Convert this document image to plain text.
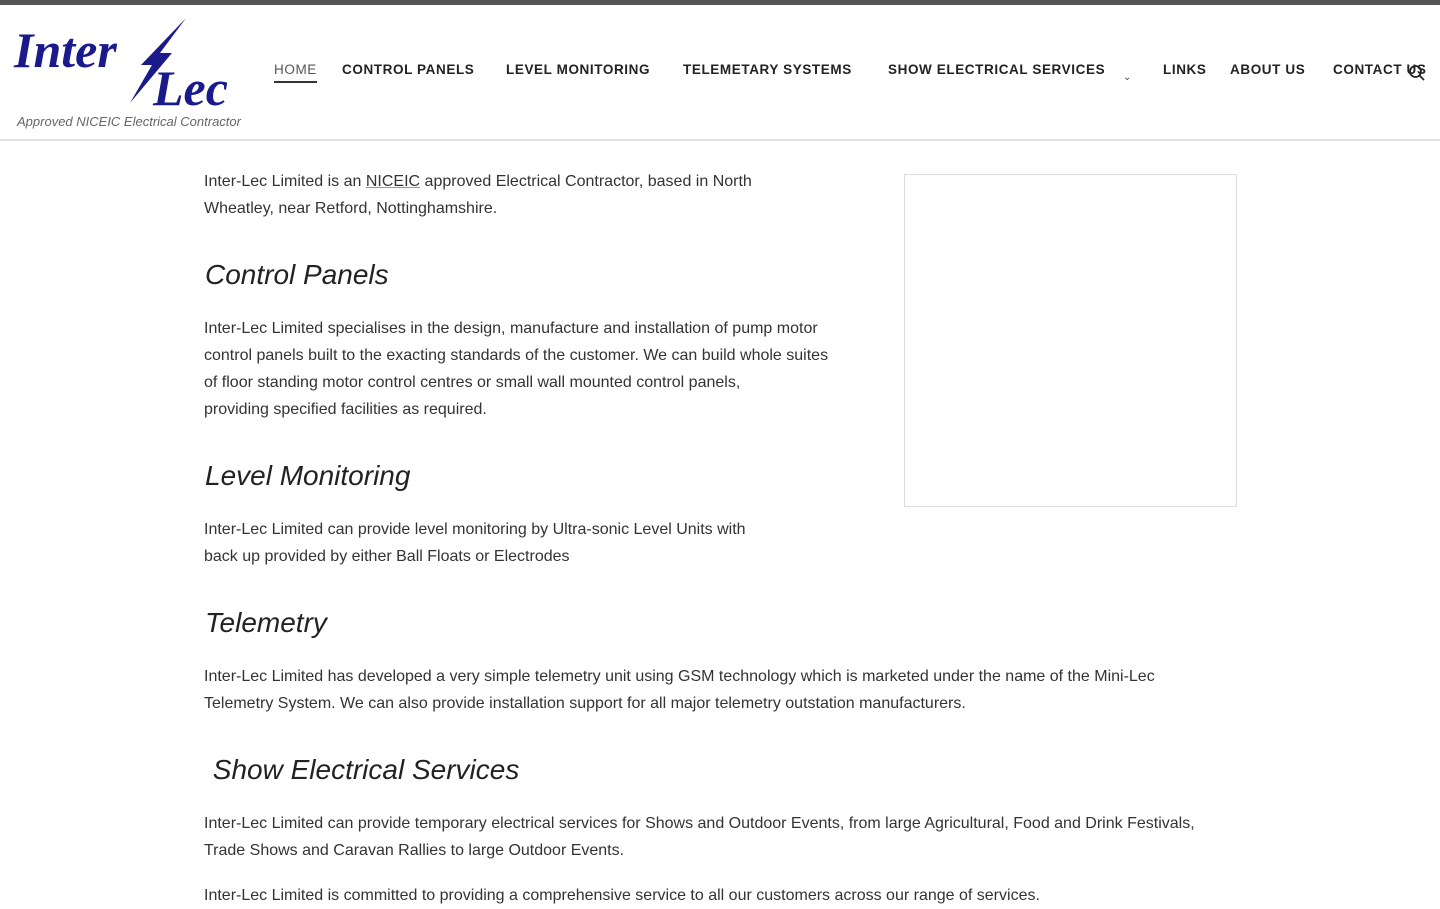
Inter
Lec
Approved NICEIC Electrical Contractor
HOME CONTROL PANELS LEVEL MONITORING TELEMETARY SYSTEMS	SHOW ELECTRICAL SERVICES
⌄
LINKS ABOUT US CONTACT US
Inter-Lec Limited is an NICEIC approved Electrical Contractor, based in North
Wheatley, near Retford, Nottinghamshire.
Control Panels
Inter-Lec Limited specialises in the design, manufacture and installation of pump motor
control panels built to the exacting standards of the customer. We can build whole suites
of floor standing motor control centres or small wall mounted control panels,
providing specified facilities as required.
Level Monitoring
Inter-Lec Limited can provide level monitoring by Ultra-sonic Level Units with
back up provided by either Ball Floats or Electrodes
Telemetry
Inter-Lec Limited has developed a very simple telemetry unit using GSM technology which is marketed under the name of the Mini-Lec
Telemetry System. We can also provide installation support for all major telemetry outstation manufacturers.
Show Electrical Services
Inter-Lec Limited can provide temporary electrical services for Shows and Outdoor Events, from large Agricultural, Food and Drink Festivals,
Trade Shows and Caravan Rallies to large Outdoor Events.
Inter-Lec Limited is committed to providing a comprehensive service to all our customers across our range of services.
